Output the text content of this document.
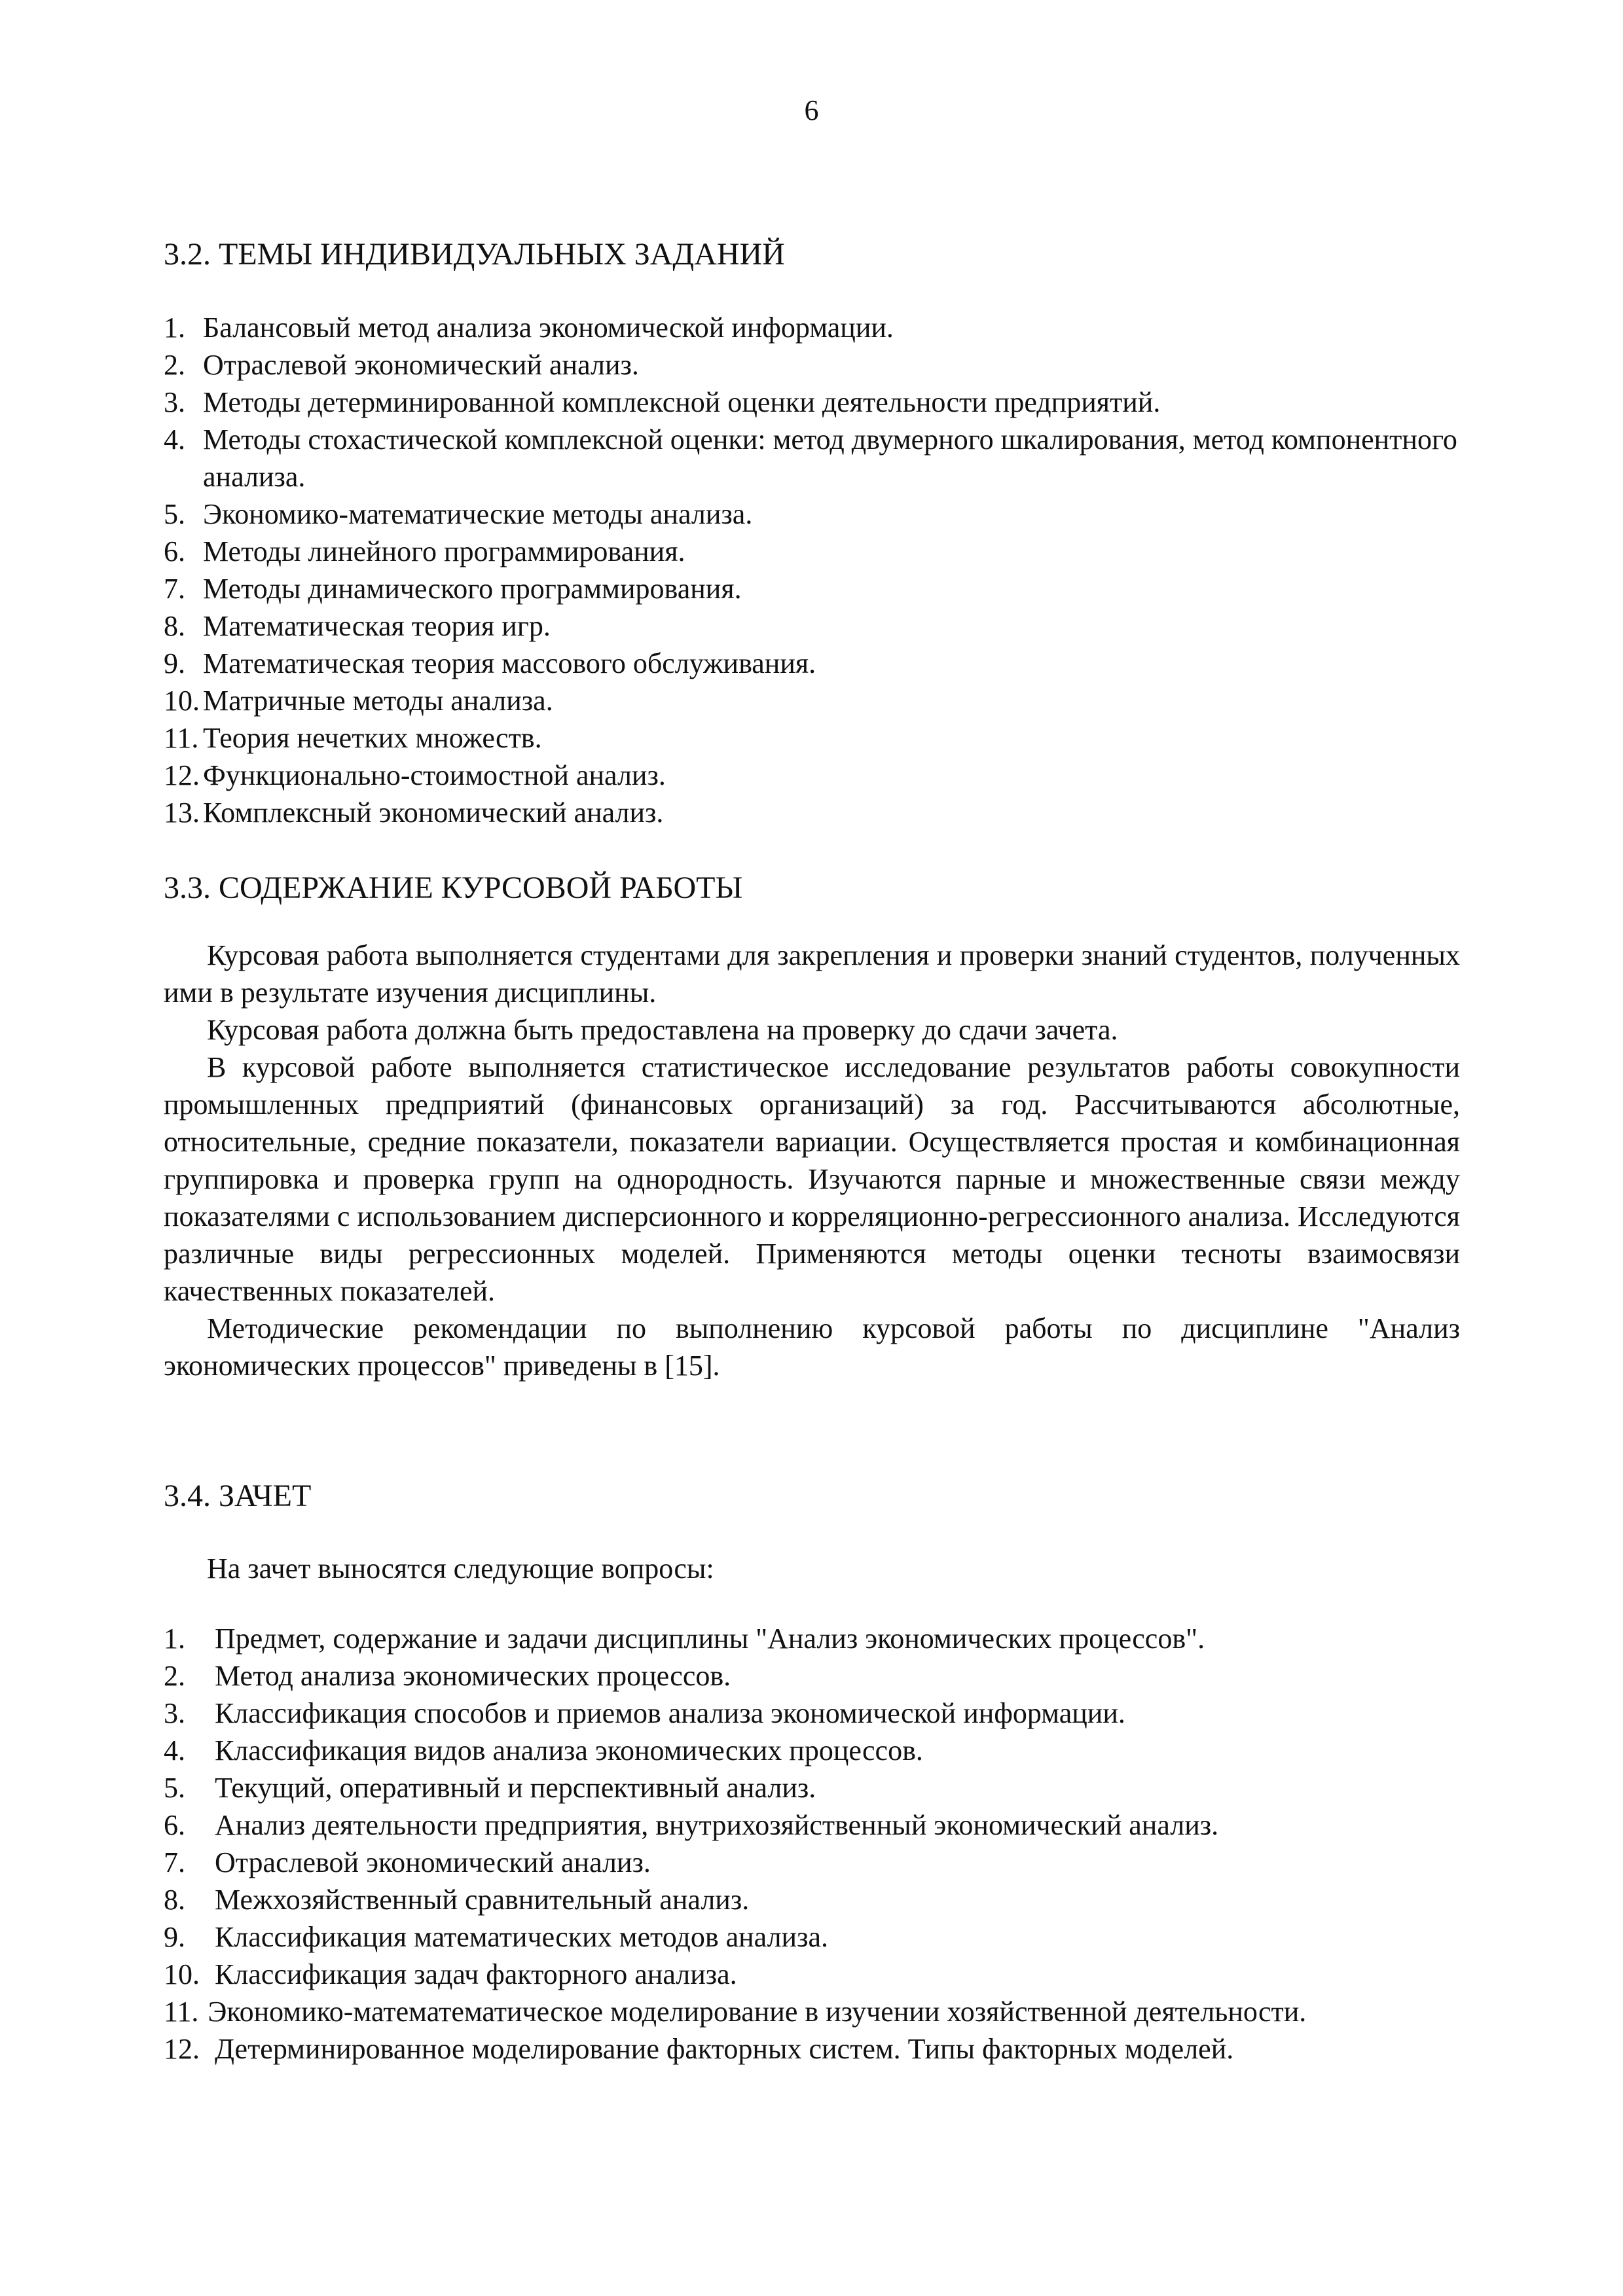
6
3.2. ТЕМЫ ИНДИВИДУАЛЬНЫХ ЗАДАНИЙ
1. Балансовый метод анализа экономической информации.
2. Отраслевой экономический анализ.
3. Методы детерминированной комплексной оценки деятельности предприятий.
4. Методы стохастической комплексной оценки: метод двумерного шкалирования, метод компонентного анализа.
5. Экономико-математические методы анализа.
6. Методы линейного программирования.
7. Методы динамического программирования.
8. Математическая теория игр.
9. Математическая теория массового обслуживания.
10. Матричные методы анализа.
11. Теория нечетких множеств.
12. Функционально-стоимостной анализ.
13. Комплексный экономический анализ.
3.3. СОДЕРЖАНИЕ КУРСОВОЙ РАБОТЫ

Курсовая работа выполняется студентами для закрепления и проверки знаний студентов, полученных ими в результате изучения дисциплины.

Курсовая работа должна быть предоставлена на проверку до сдачи зачета.

В курсовой работе выполняется статистическое исследование результатов работы совокупности промышленных предприятий (финансовых организаций) за год. Рассчитываются абсолютные, относительные, средние показатели, показатели вариации. Осуществляется простая и комбинационная группировка и проверка групп на однородность. Изучаются парные и множественные связи между показателями с использованием дисперсионного и корреляционно-регрессионного анализа. Исследуются различные виды регрессионных моделей. Применяются методы оценки тесноты взаимосвязи качественных показателей.

Методические рекомендации по выполнению курсовой работы по дисциплине "Анализ экономических процессов" приведены в [15].

3.4. ЗАЧЕТ

На зачет выносятся следующие вопросы:

1.	Предмет, содержание и задачи дисциплины "Анализ экономических процессов".
2.	Метод анализа экономических процессов.
3.	Классификация способов и приемов анализа экономической информации.
4.	Классификация видов анализа экономических процессов.
5.	Текущий, оперативный и перспективный анализ.
6.	Анализ деятельности предприятия, внутрихозяйственный экономический анализ.
7.	Отраслевой экономический анализ.
8.	Межхозяйственный сравнительный анализ.
9.	Классификация математических методов анализа.
10. Классификация задач факторного анализа.
11. Экономико-математематическое моделирование в изучении хозяйственной деятельности.
12. Детерминированное моделирование факторных систем. Типы факторных моделей.
